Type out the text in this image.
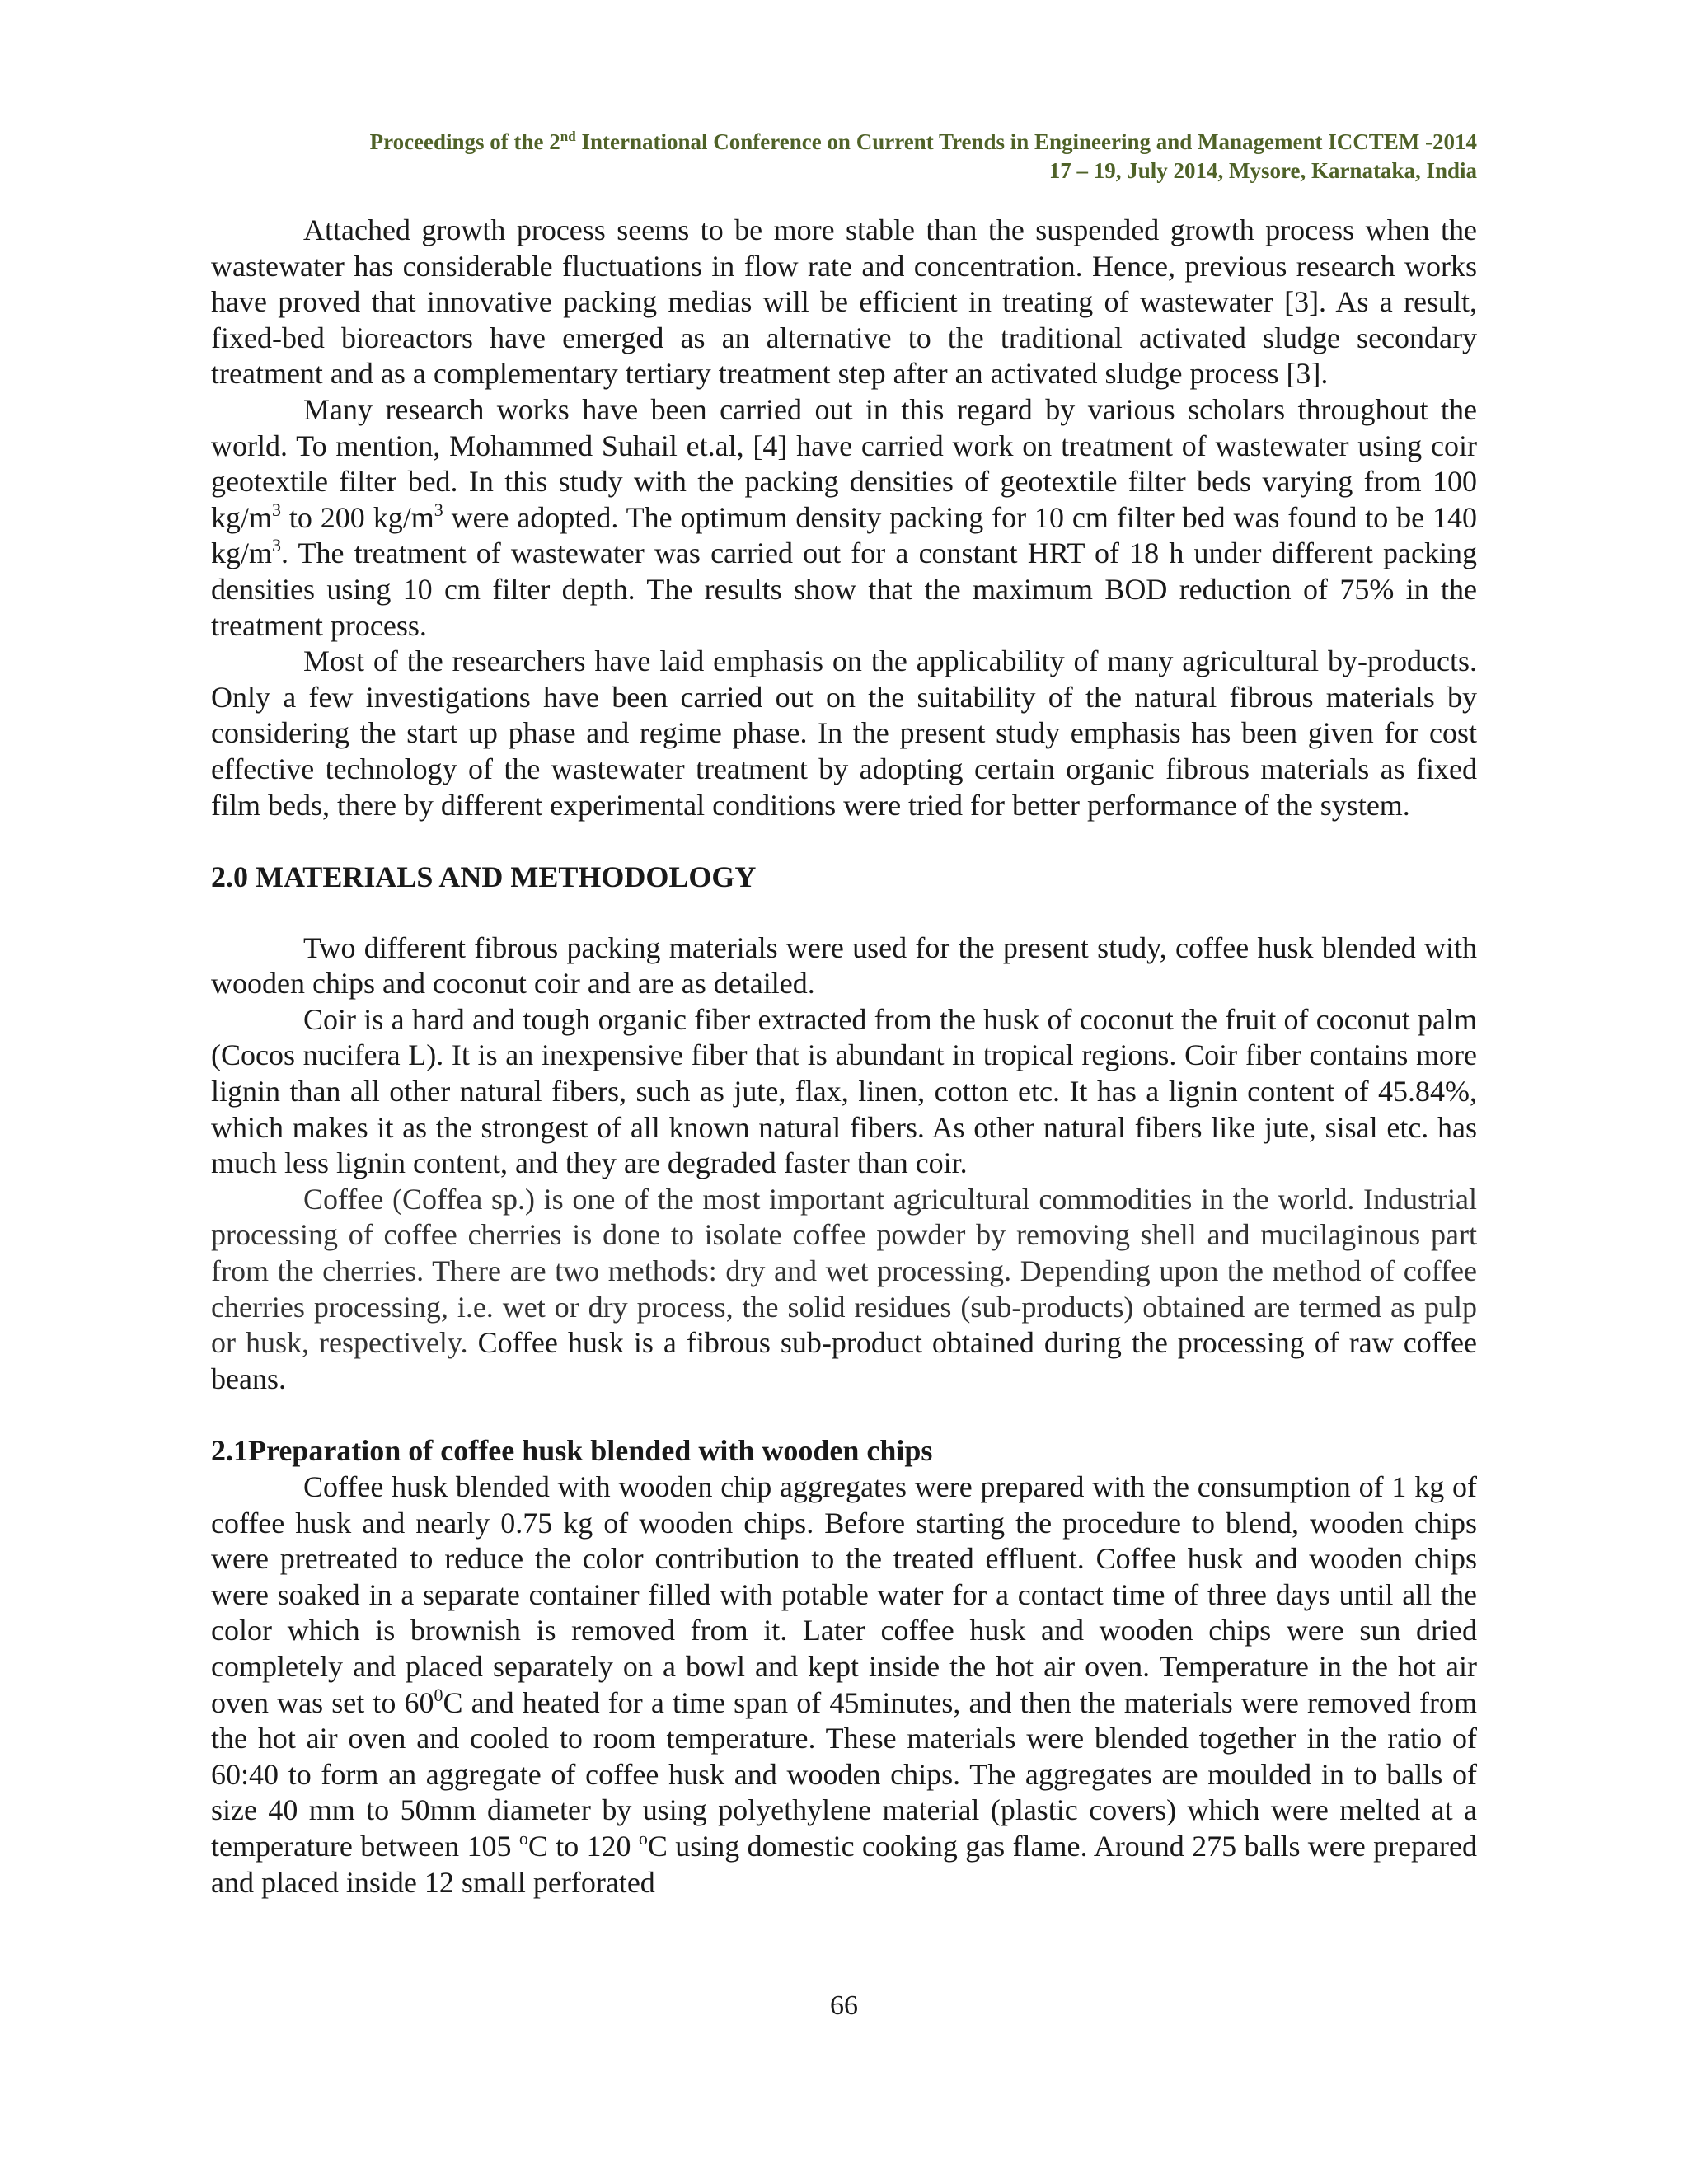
Proceedings of the 2nd International Conference on Current Trends in Engineering and Management ICCTEM -2014
17 – 19, July 2014, Mysore, Karnataka, India

Attached growth process seems to be more stable than the suspended growth process when the wastewater has considerable fluctuations in flow rate and concentration. Hence, previous research works have proved that innovative packing medias will be efficient in treating of wastewater [3]. As a result, fixed-bed bioreactors have emerged as an alternative to the traditional activated sludge secondary treatment and as a complementary tertiary treatment step after an activated sludge process [3].

Many research works have been carried out in this regard by various scholars throughout the world. To mention, Mohammed Suhail et.al, [4] have carried work on treatment of wastewater using coir geotextile filter bed. In this study with the packing densities of geotextile filter beds varying from 100 $kg/m^3$ to 200 $kg/m^3$ were adopted. The optimum density packing for 10 cm filter bed was found to be 140 $kg/m^3$. The treatment of wastewater was carried out for a constant HRT of 18 h under different packing densities using 10 cm filter depth. The results show that the maximum BOD reduction of 75% in the treatment process.

Most of the researchers have laid emphasis on the applicability of many agricultural by-products. Only a few investigations have been carried out on the suitability of the natural fibrous materials by considering the start up phase and regime phase. In the present study emphasis has been given for cost effective technology of the wastewater treatment by adopting certain organic fibrous materials as fixed film beds, there by different experimental conditions were tried for better performance of the system.

2.0 MATERIALS AND METHODOLOGY

Two different fibrous packing materials were used for the present study, coffee husk blended with wooden chips and coconut coir and are as detailed.

Coir is a hard and tough organic fiber extracted from the husk of coconut the fruit of coconut palm (Cocos nucifera L). It is an inexpensive fiber that is abundant in tropical regions. Coir fiber contains more lignin than all other natural fibers, such as jute, flax, linen, cotton etc. It has a lignin content of 45.84%, which makes it as the strongest of all known natural fibers. As other natural fibers like jute, sisal etc. has much less lignin content, and they are degraded faster than coir.

Coffee (Coffea sp.) is one of the most important agricultural commodities in the world. Industrial processing of coffee cherries is done to isolate coffee powder by removing shell and mucilaginous part from the cherries. There are two methods: dry and wet processing. Depending upon the method of coffee cherries processing, i.e. wet or dry process, the solid residues (sub-products) obtained are termed as pulp or husk, respectively. Coffee husk is a fibrous sub-product obtained during the processing of raw coffee beans.

2.1Preparation of coffee husk blended with wooden chips

Coffee husk blended with wooden chip aggregates were prepared with the consumption of 1 kg of coffee husk and nearly 0.75 kg of wooden chips. Before starting the procedure to blend, wooden chips were pretreated to reduce the color contribution to the treated effluent. Coffee husk and wooden chips were soaked in a separate container filled with potable water for a contact time of three days until all the color which is brownish is removed from it. Later coffee husk and wooden chips were sun dried completely and placed separately on a bowl and kept inside the hot air oven. Temperature in the hot air oven was set to $60^0C$ and heated for a time span of 45minutes, and then the materials were removed from the hot air oven and cooled to room temperature. These materials were blended together in the ratio of 60:40 to form an aggregate of coffee husk and wooden chips. The aggregates are moulded in to balls of size 40 mm to 50mm diameter by using polyethylene material (plastic covers) which were melted at a temperature between 105 $^o$C to 120 $^o$C using domestic cooking gas flame. Around 275 balls were prepared and placed inside 12 small perforated

66
